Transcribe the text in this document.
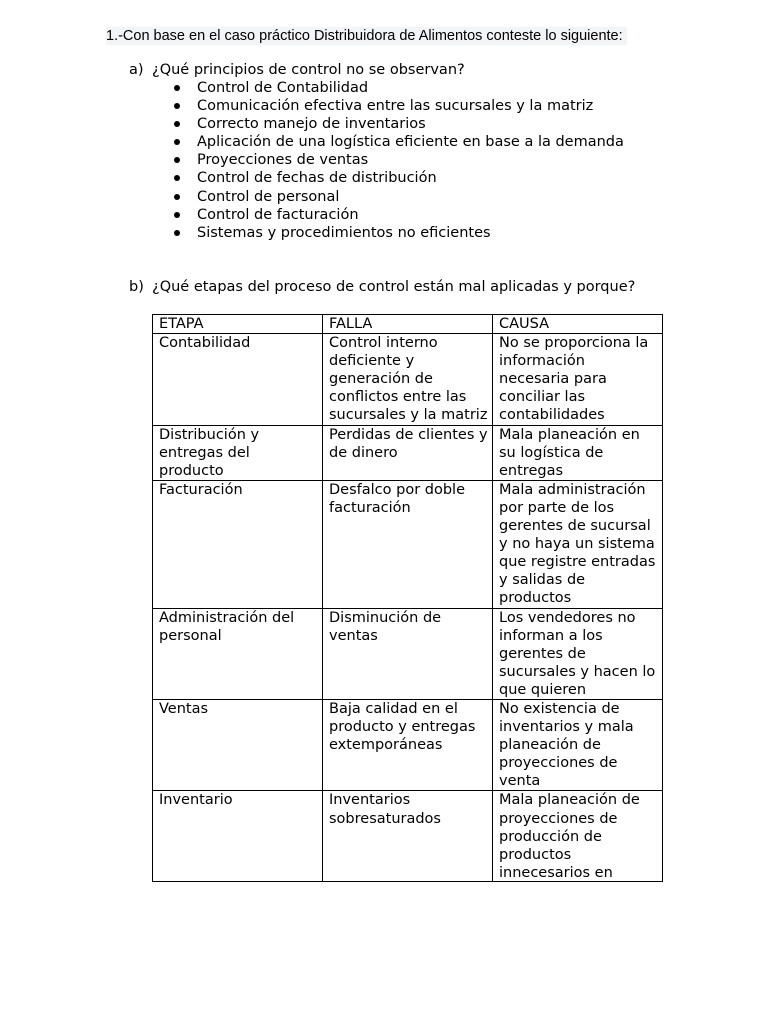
1.-Con base en el caso práctico Distribuidora de Alimentos conteste lo siguiente:
a) ¿Qué principios de control no se observan?
Control de Contabilidad
Comunicación efectiva entre las sucursales y la matriz
Correcto manejo de inventarios
Aplicación de una logística eficiente en base a la demanda
Proyecciones de ventas
Control de fechas de distribución
Control de personal
Control de facturación
Sistemas y procedimientos no eficientes
b) ¿Qué etapas del proceso de control están mal aplicadas y porque?
ETAPA	FALLA	CAUSA
Contabilidad	Control interno deficiente y generación de conflictos entre las sucursales y la matriz	No se proporciona la información necesaria para conciliar las contabilidades
Distribución y entregas del producto	Perdidas de clientes y de dinero	Mala planeación en su logística de entregas
Facturación	Desfalco por doble facturación	Mala administración por parte de los gerentes de sucursal y no haya un sistema que registre entradas y salidas de productos
Administración del personal	Disminución de ventas	Los vendedores no informan a los gerentes de sucursales y hacen lo que quieren
Ventas	Baja calidad en el producto y entregas extemporáneas	No existencia de inventarios y mala planeación de proyecciones de venta

Inventario	Inventarios sobresaturados	Mala planeación de proyecciones de producción de productos innecesarios en
